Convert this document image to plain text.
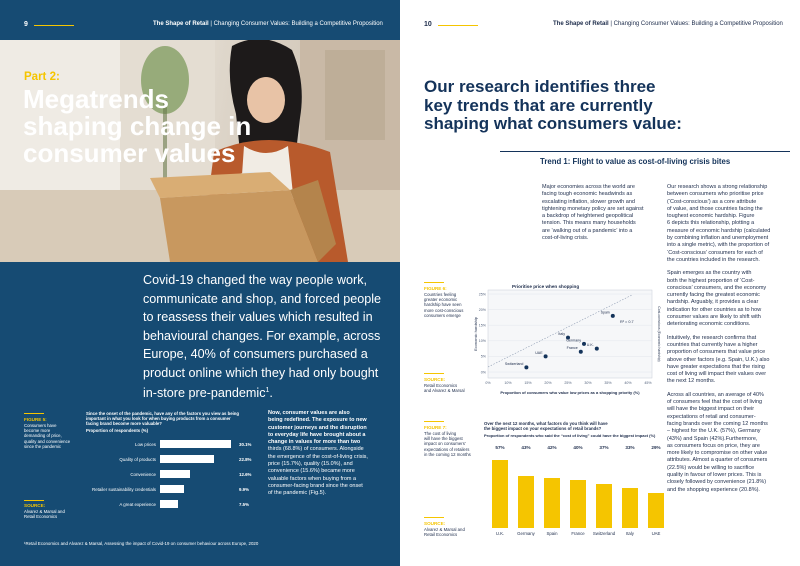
9	The Shape of Retail | Changing Consumer Values: Building a Competitive Proposition
Part 2:
Megatrends
shaping change in
consumer values
Covid-19 changed the way people work,
communicate and shop, and forced people
to reassess their values which resulted in
behavioural changes. For example, across
Europe, 40% of consumers purchased a
product online which they had only bought
in-store pre-pandemic$^1$.
FIGURE 5:
Consumers have
become more
demanding of price,
quality and convenience
since the pandemic
SOURCE:
Alvarez & Marsal and
Retail Economics
Since the onset of the pandemic, have any of the factors you view as being
important in what you look for when buying products from a consumer
facing brand become more valuable?
Proportion of respondents (%)
Low prices	30.1%
Quality of products	22.8%
Convenience	12.6%
Retailer sustainability credentials	9.9%
A great experience	7.5%
Now, consumer values are also
being redefined. The exposure to new
customer journeys and the disruption
to everyday life have brought about a
change in values for more than two
thirds (68.8%) of consumers. Alongside
the emergence of the cost-of-living crisis,
price (15.7%), quality (15.0%), and
convenience (15.6%) became more
valuable factors when buying from a
consumer-facing brand since the onset
of the pandemic (Fig.5).
¹Retail Economics and Alvarez & Marsal, Assessing the impact of Covid-19 on consumer behaviour across Europe, 2020
10	The Shape of Retail | Changing Consumer Values: Building a Competitive Proposition
Our research identifies three
key trends that are currently
shaping what consumers value:
Trend 1: Flight to value as cost-of-living crisis bites
Major economies across the world are
facing tough economic headwinds as
escalating inflation, slower growth and
tightening monetary policy are set against
a backdrop of heightened geopolitical
tension. This means many households
are ‘walking out of a pandemic’ into a
cost-of-living crisis.
Our research shows a strong relationship
between consumers who prioritise price
(‘Cost-conscious’) as a core attribute
of value, and those countries facing the
toughest economic hardship. Figure
6 depicts this relationship, plotting a
measure of economic hardship (calculated
by combining inflation and unemployment
into a single metric), with the proportion of
‘Cost-conscious’ consumers for each of
the countries included in the research.
Spain emerges as the country with
both the highest proportion of ‘Cost-
conscious’ consumers, and the economy
currently facing the greatest economic
hardship. Arguably, it provides a clear
indication for other countries as to how
consumer values are likely to shift with
deteriorating economic conditions.
Intuitively, the research confirms that
countries that currently have a higher
proportion of consumers that value price
above other factors (e.g. Spain, U.K.) also
have greater expectations that the rising
cost of living will impact their values over
the next 12 months.
Across all countries, an average of 40%
of consumers feel that the cost of living
will have the biggest impact on their
expectations of retail and consumer-
facing brands over the coming 12 months
– highest for the U.K. (57%), Germany
(43%) and Spain (42%).Furthermore,
as consumers focus on price, they are
more likely to compromise on other value
attributes. Almost a quarter of consumers
(22.5%) would be willing to sacrifice
quality in favour of lower prices. This is
closely followed by convenience (21.8%)
and the shopping experience (20.8%).
FIGURE 6:
Countries feeling
greater economic
hardship have seen
more cost-conscious
consumers emerge
SOURCE:
Retail Economics
and Alvarez & Marsal
0%
5%
10%
15%
20%
25%
0%	10%	15%	20%	25%	30%	35%	40%	45%
Spain
Italy
Germany
U.K.
France
UAE
Switzerland
Prioritise price when shopping
R² = 0.7
Proportion of consumers who value low prices as a shopping priority (%)
Economic hardship	Cost-conscious (Economic hardship)
FIGURE 7:
The cost of living
will have the biggest
impact on consumers’
expectations of retailers
in the coming 12 months
SOURCE:
Alvarez & Marsal and
Retail Economics
Over the next 12 months, what factors do you think will have
the biggest impact on your expectations of retail brands?
Proportion of respondents who said the “cost of living” could have the biggest impact (%)
57%
U.K.
43%
Germany
42%
Spain
40%
France
37%
Switzerland
33%
Italy
29%
UAE
